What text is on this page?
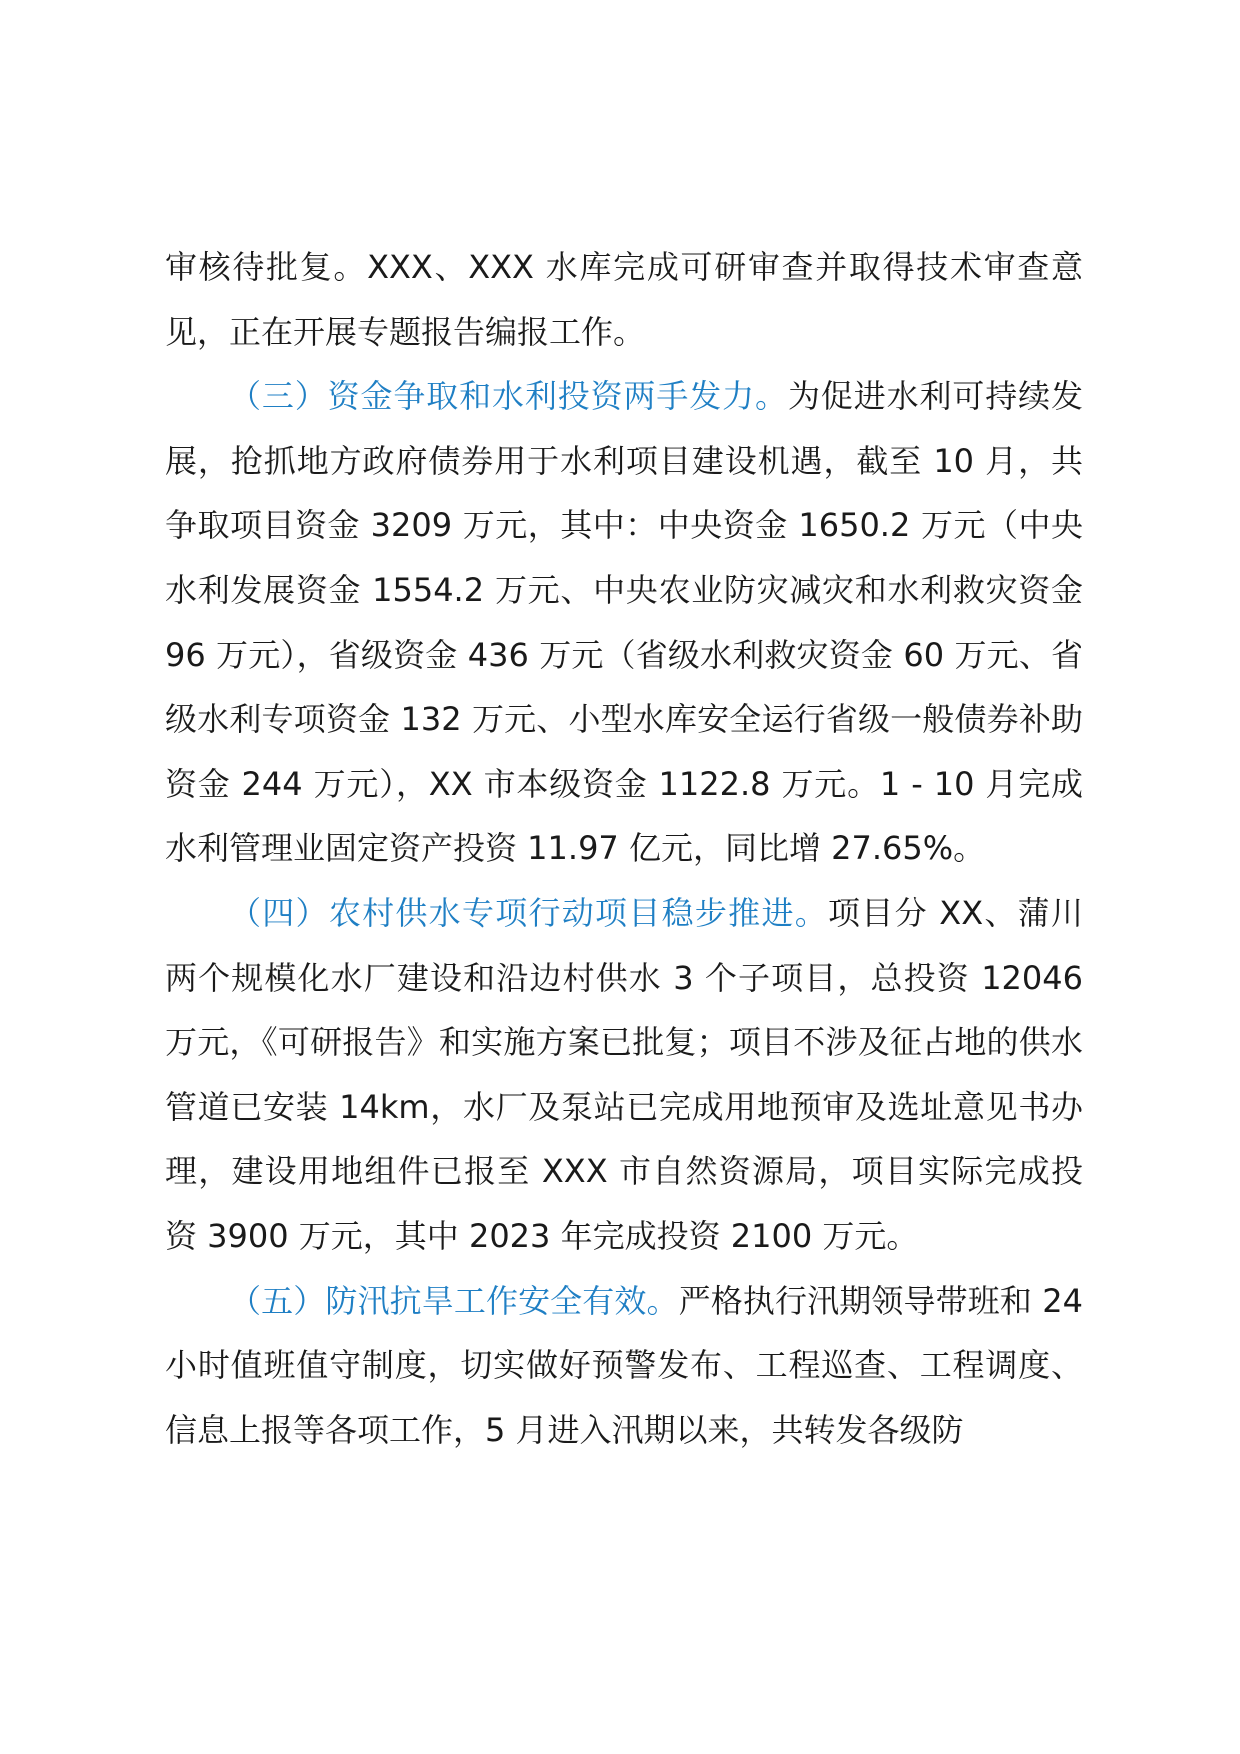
审核待批复。XXX、XXX 水库完成可研审查并取得技术审查意见，正在开展专题报告编报工作。

（三）资金争取和水利投资两手发力。为促进水利可持续发展，抢抓地方政府债券用于水利项目建设机遇，截至 10 月，共争取项目资金 3209 万元，其中：中央资金 1650.2 万元（中央水利发展资金 1554.2 万元、中央农业防灾减灾和水利救灾资金 96 万元），省级资金 436 万元（省级水利救灾资金 60 万元、省级水利专项资金 132 万元、小型水库安全运行省级一般债券补助资金 244 万元），XX 市本级资金 1122.8 万元。1 - 10 月完成水利管理业固定资产投资 11.97 亿元，同比增 27.65%。

（四）农村供水专项行动项目稳步推进。项目分 XX、蒲川两个规模化水厂建设和沿边村供水 3 个子项目，总投资 12046 万元，《可研报告》和实施方案已批复；项目不涉及征占地的供水管道已安装 14km，水厂及泵站已完成用地预审及选址意见书办理，建设用地组件已报至 XXX 市自然资源局，项目实际完成投资 3900 万元，其中 2023 年完成投资 2100 万元。

（五）防汛抗旱工作安全有效。严格执行汛期领导带班和 24 小时值班值守制度，切实做好预警发布、工程巡查、工程调度、信息上报等各项工作，5 月进入汛期以来，共转发各级防
